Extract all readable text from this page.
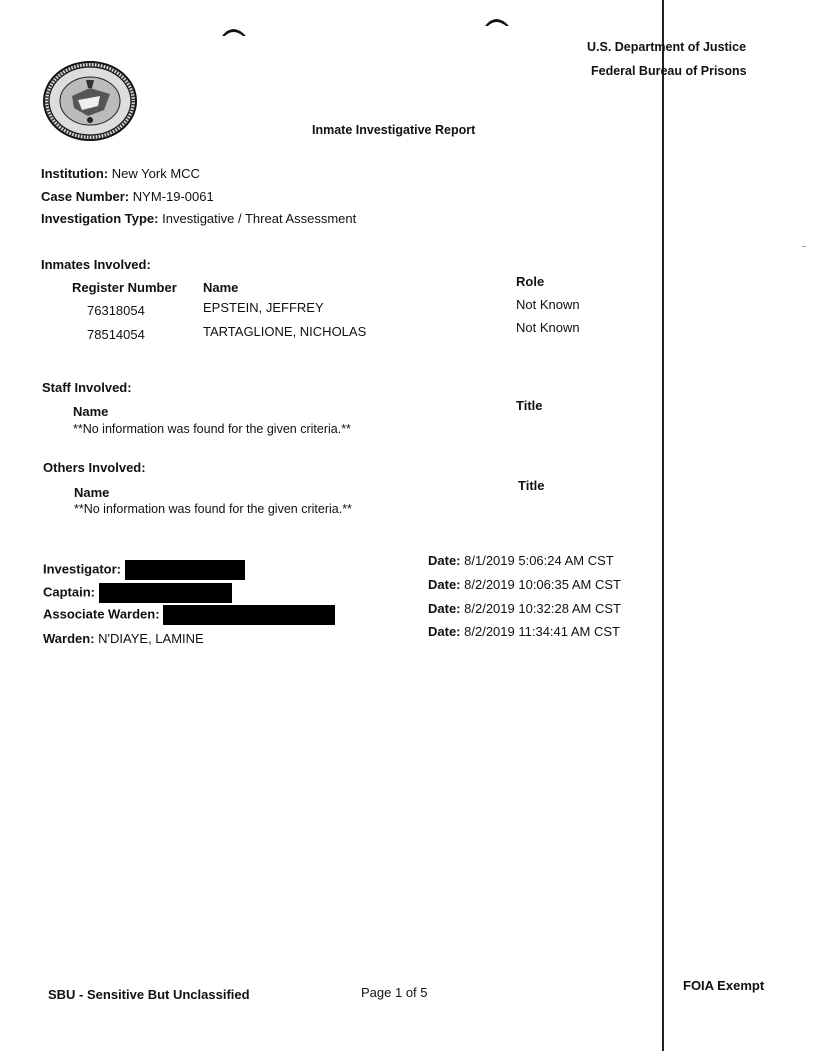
U.S. Department of Justice
Federal Bureau of Prisons
Inmate Investigative Report
Institution: New York MCC
Case Number: NYM-19-0061
Investigation Type: Investigative / Threat Assessment
Inmates Involved:
Register Number Name	Role
76318054	EPSTEIN, JEFFREY	Not Known
78514054	TARTAGLIONE, NICHOLAS	Not Known
Staff Involved:
Name	Title
**No information was found for the given criteria.**
Others Involved:
Name	Title
**No information was found for the given criteria.**
Investigator:
Captain:
Associate Warden:
Warden: N'DIAYE, LAMINE
Date: 8/1/2019 5:06:24 AM CST
Date: 8/2/2019 10:06:35 AM CST
Date: 8/2/2019 10:32:28 AM CST
Date: 8/2/2019 11:34:41 AM CST
SBU - Sensitive But Unclassified	Page 1 of 5	FOIA Exempt
